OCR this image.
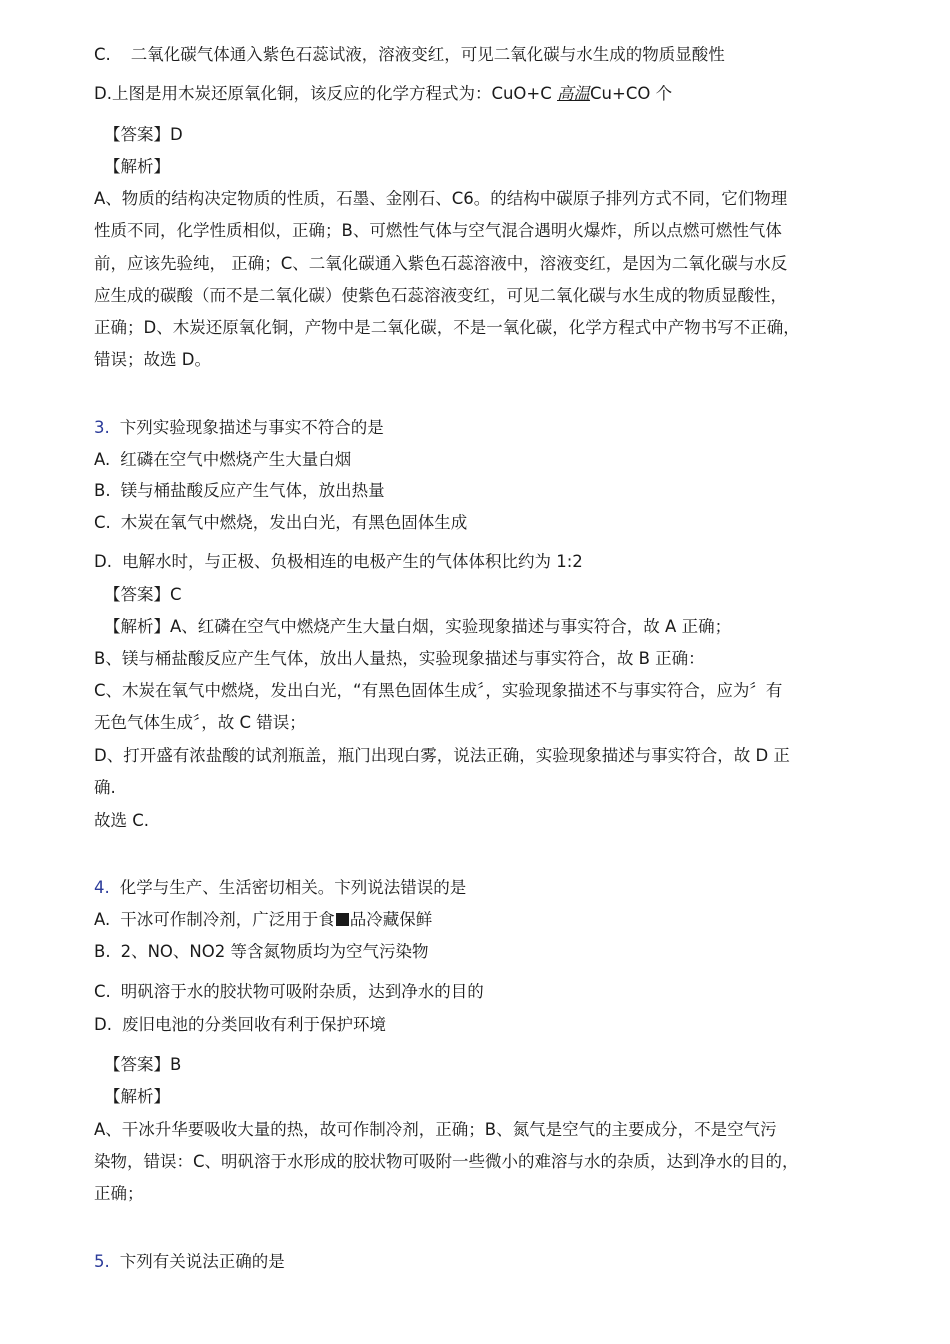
C. 二氧化碳气体通入紫色石蕊试液，溶液变红，可见二氧化碳与水生成的物质显酸性
D.上图是用木炭还原氧化铜，该反应的化学方程式为：CuO+C 高温Cu+CO 个
【答案】D
【解析】
A、物质的结构决定物质的性质，石墨、金刚石、C6。的结构中碳原子排列方式不同，它们物理
性质不同，化学性质相似，正确；B、可燃性气体与空气混合遇明火爆炸，所以点燃可燃性气体
前，应该先验纯， 正确；C、二氧化碳通入紫色石蕊溶液中，溶液变红，是因为二氧化碳与水反
应生成的碳酸（而不是二氧化碳）使紫色石蕊溶液变红，可见二氧化碳与水生成的物质显酸性，
正确；D、木炭还原氧化铜，产物中是二氧化碳，不是一氧化碳，化学方程式中产物书写不正确，
错误；故选 D。
3. 卞列实验现象描述与事实不符合的是
A. 红磷在空气中燃烧产生大量白烟
B. 镁与桶盐酸反应产生气体，放出热量
C. 木炭在氧气中燃烧，发出白光，有黑色固体生成
D. 电解水时，与正极、负极相连的电极产生的气体体积比约为 1:2
【答案】C
【解析】A、红磷在空气中燃烧产生大量白烟，实验现象描述与事实符合，故 A 正确；
B、镁与桶盐酸反应产生气体，放出人量热，实验现象描述与事实符合，故 B 正确：
C、木炭在氧气中燃烧，发出白光，“有黑色固体生成〞，实验现象描述不与事实符合，应为〞有
无色气体生成〞，故 C 错误；
D、打开盛有浓盐酸的试剂瓶盖，瓶门出现白雾，说法正确，实验现象描述与事实符合，故 D 正
确.
故选 C.
4. 化学与生产、生活密切相关。卞列说法错误的是
A. 干冰可作制冷剂，广泛用于食 品冷藏保鲜
B. 2、NO、NO2 等含氮物质均为空气污染物
C. 明矾溶于水的胶状物可吸附杂质，达到净水的目的
D. 废旧电池的分类回收有利于保护环境
【答案】B
【解析】
A、干冰升华要吸收大量的热，故可作制冷剂，正确；B、氮气是空气的主要成分，不是空气污
染物，错误：C、明矾溶于水形成的胶状物可吸附一些微小的难溶与水的杂质，达到净水的目的，
正确；
5. 卞列有关说法正确的是
